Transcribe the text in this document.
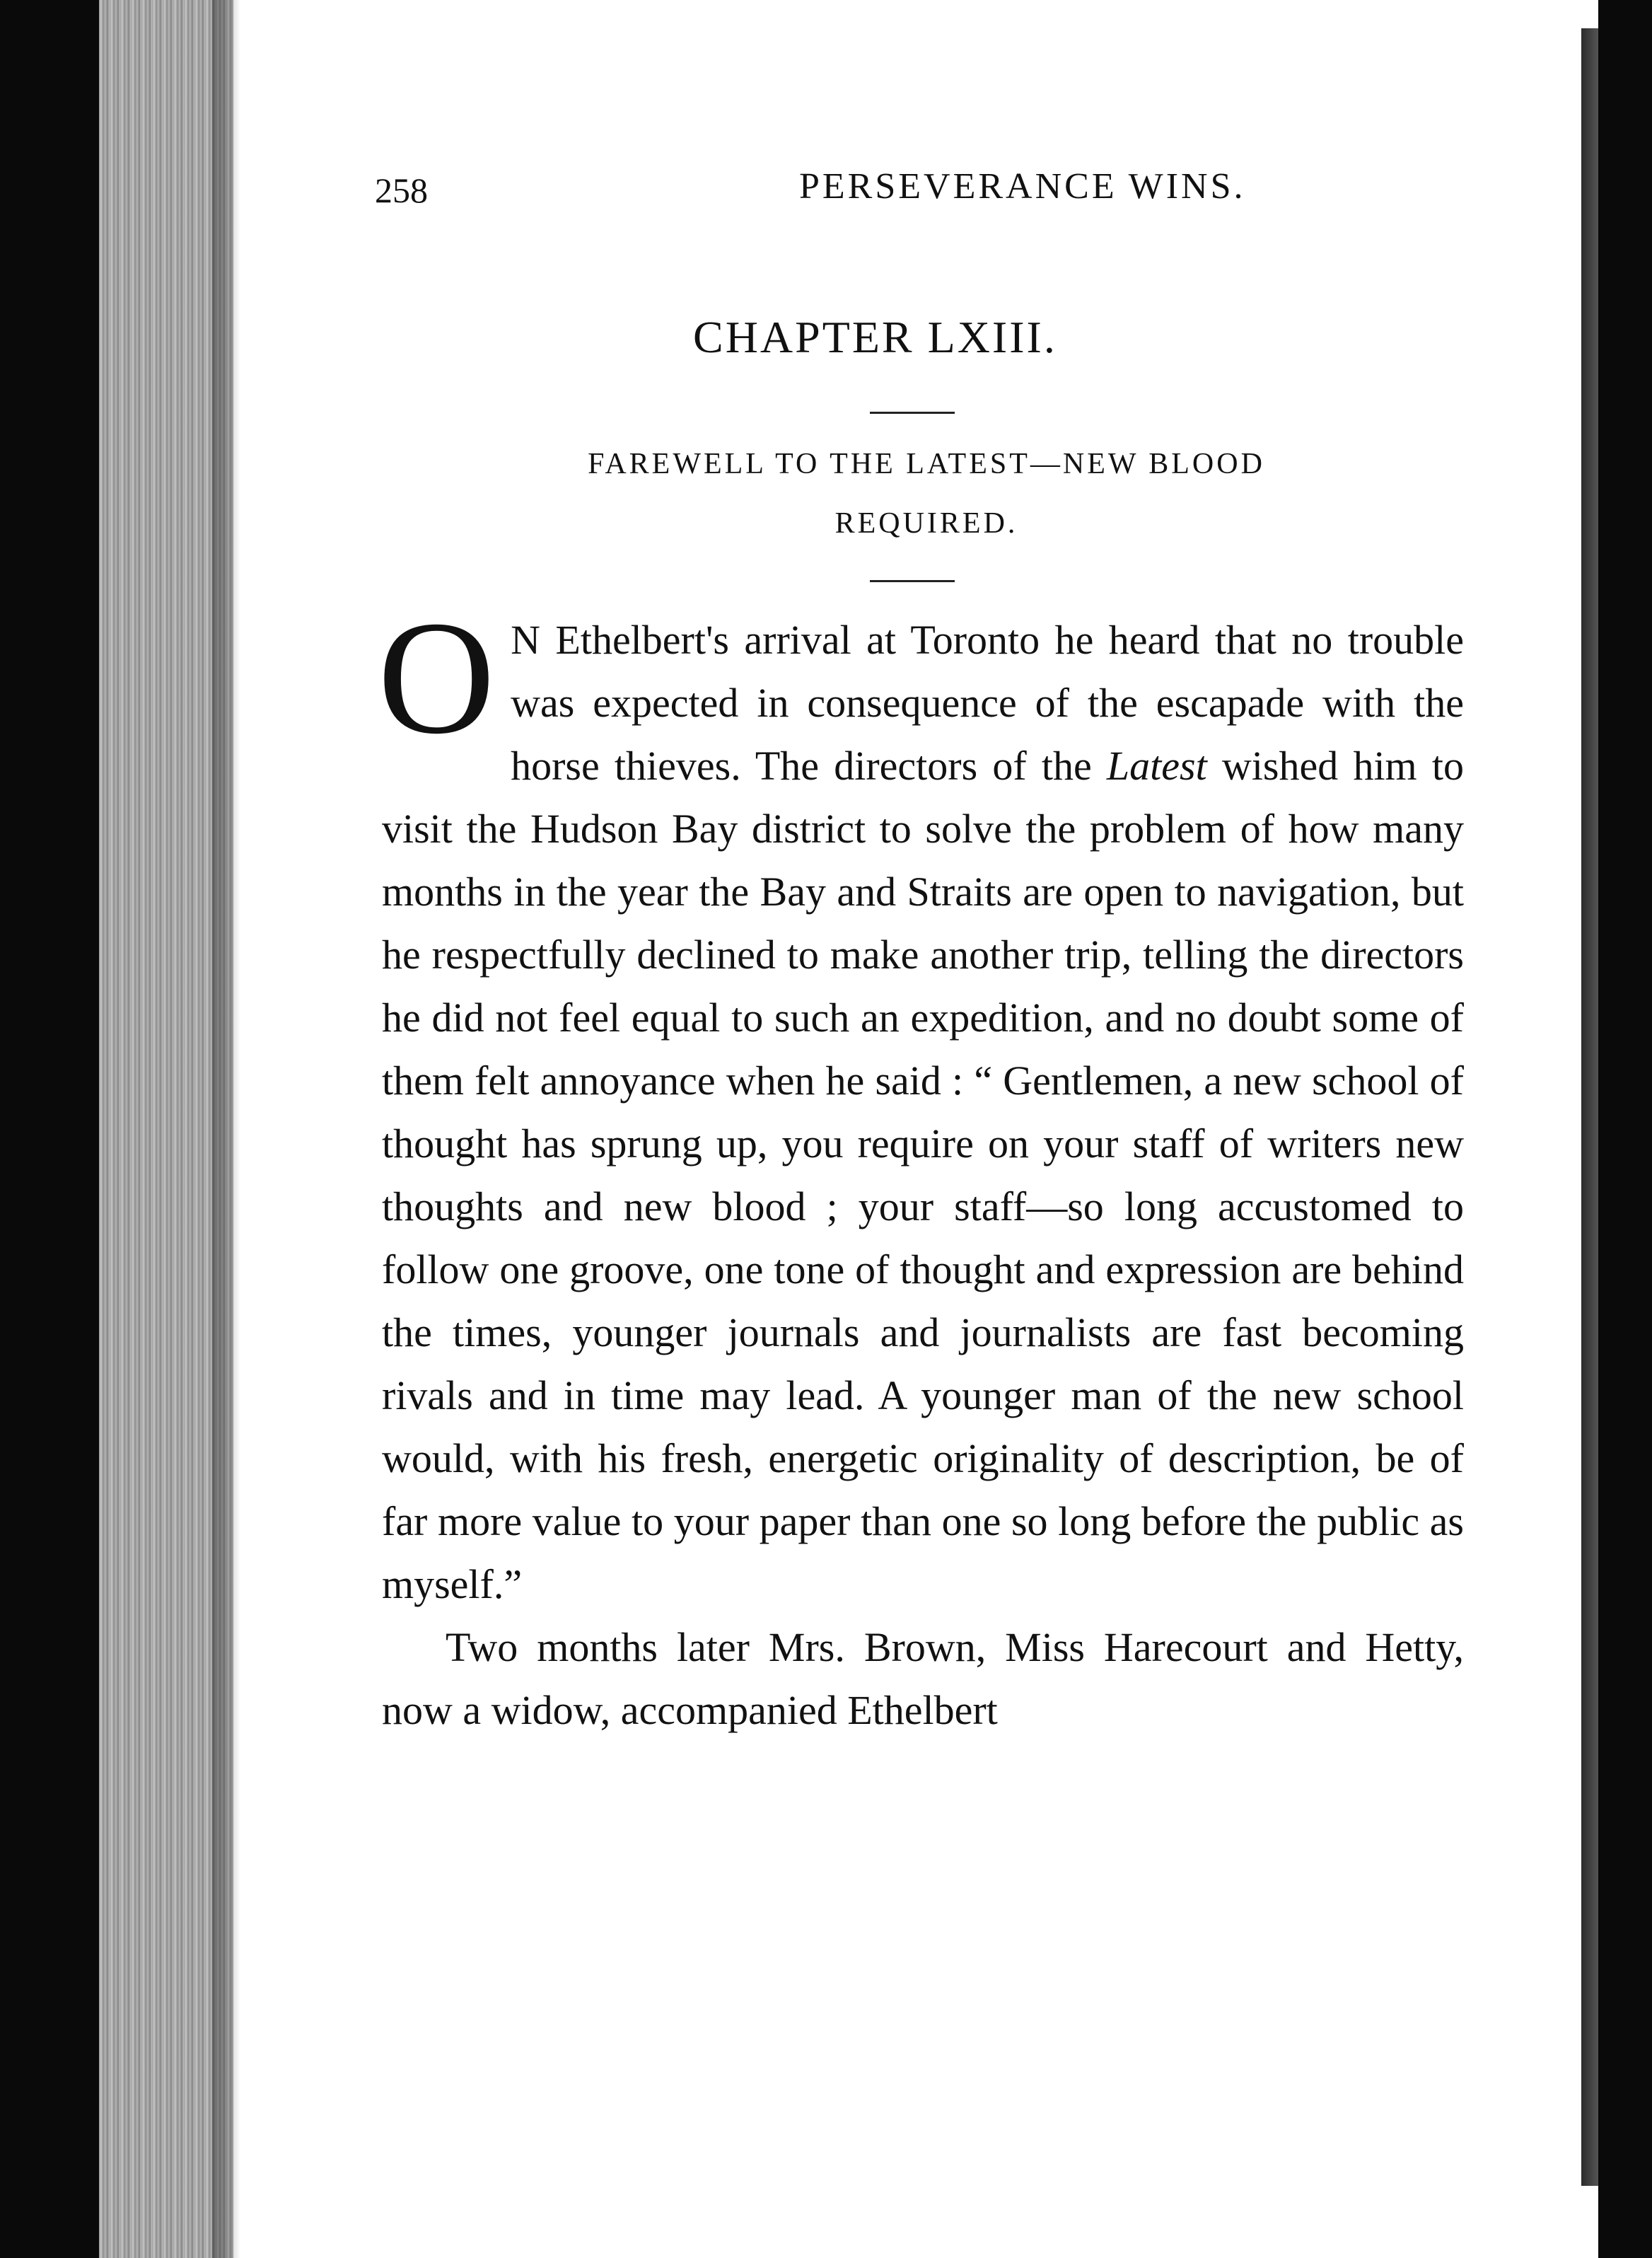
258	PERSEVERANCE WINS.
CHAPTER LXIII.
FAREWELL TO THE LATEST—NEW BLOOD
REQUIRED.

O N Ethelbert's arrival at Toronto he heard that no trouble was expected in consequence of the escapade with the horse thieves. The directors of the Latest wished him to visit the Hudson Bay district to solve the problem of how many months in the year the Bay and Straits are open to navigation, but he respectfully declined to make another trip, telling the directors he did not feel equal to such an expedition, and no doubt some of them felt annoyance when he said : “ Gentlemen, a new school of thought has sprung up, you require on your staff of writers new thoughts and new blood ; your staff—so long accustomed to follow one groove, one tone of thought and expression are behind the times, younger journals and journalists are fast becoming rivals and in time may lead. A younger man of the new school would, with his fresh, energetic originality of description, be of far more value to your paper than one so long before the public as myself.”

Two months later Mrs. Brown, Miss Harecourt and Hetty, now a widow, accompanied Ethelbert
